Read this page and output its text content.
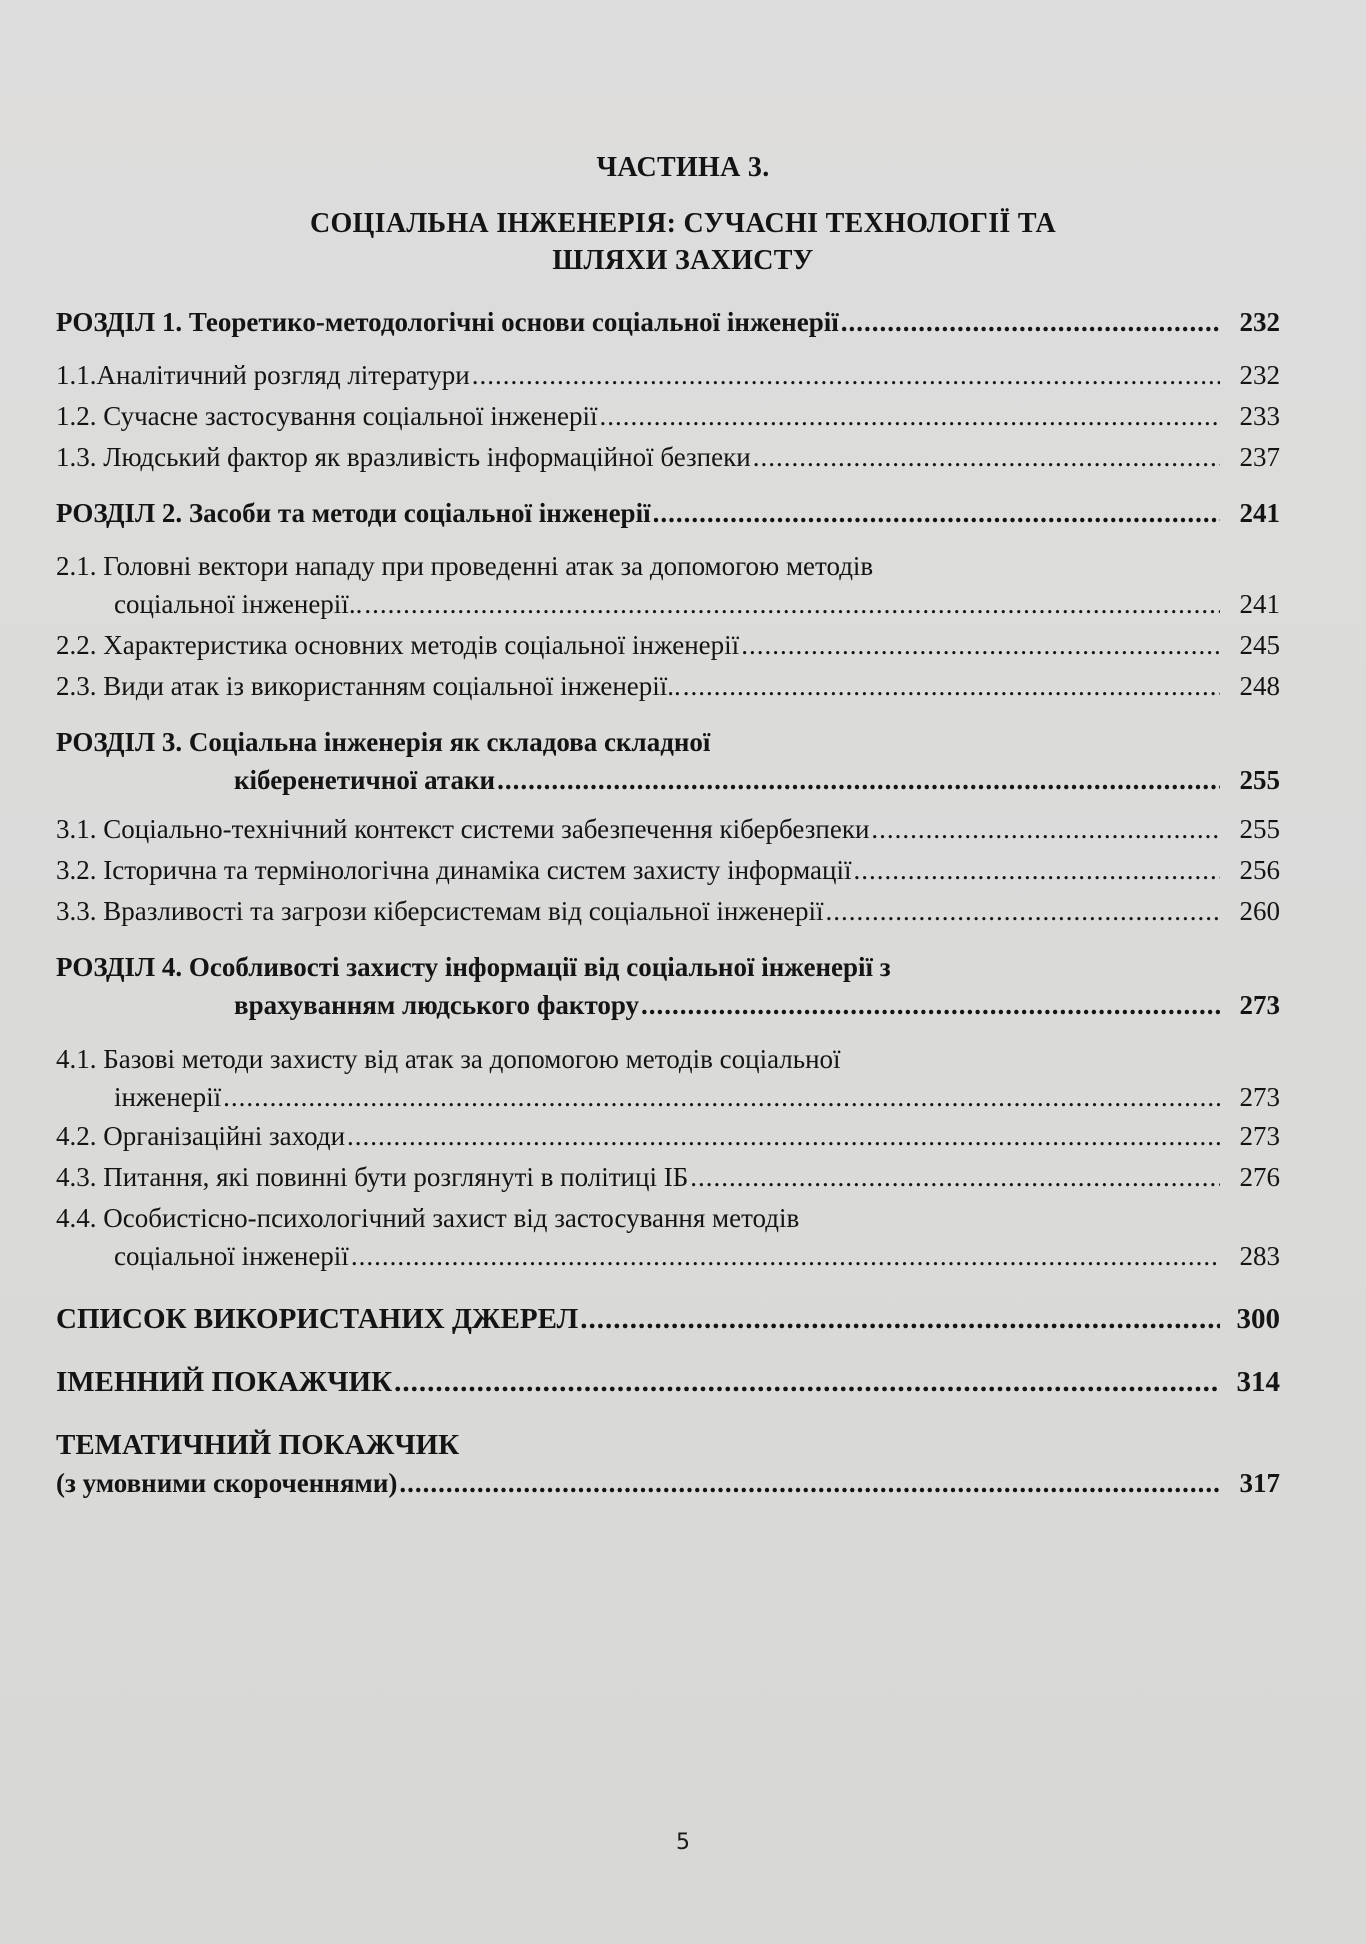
ЧАСТИНА 3.
СОЦІАЛЬНА ІНЖЕНЕРІЯ: СУЧАСНІ ТЕХНОЛОГІЇ ТА
ШЛЯХИ ЗАХИСТУ
РОЗДІЛ 1. Теоретико-методологічні основи соціальної інженерії .....	232
1.1.Аналітичний розгляд літератури .....	232
1.2. Сучасне застосування соціальної інженерії .....	233
1.3. Людський фактор як вразливість інформаційної безпеки .....	237
РОЗДІЛ 2. Засоби та методи соціальної інженерії .....	241
2.1. Головні вектори нападу при проведенні атак за допомогою методів
соціальної інженерії.. .....	241
2.2. Характеристика основних методів соціальної інженерії .....	245
2.3. Види атак із використанням соціальної інженерії.. .....	248
РОЗДІЛ 3. Соціальна інженерія як складова складної
кіберенетичної атаки .....	255
3.1. Соціально-технічний контекст системи забезпечення кібербезпеки .....	255
3.2. Історична та термінологічна динаміка систем захисту інформації .....	256
3.3. Вразливості та загрози кіберсистемам від соціальної інженерії .....	260
РОЗДІЛ 4. Особливості захисту інформації від соціальної інженерії з
врахуванням людського фактору .....	273
4.1. Базові методи захисту від атак за допомогою методів соціальної
інженерії .....	273
4.2. Організаційні заходи .....	273
4.3. Питання, які повинні бути розглянуті в політиці ІБ .....	276
4.4. Особистісно-психологічний захист від застосування методів
соціальної інженерії .....	283
СПИСОК ВИКОРИСТАНИХ ДЖЕРЕЛ .....	300
ІМЕННИЙ ПОКАЖЧИК .....	314
ТЕМАТИЧНИЙ ПОКАЖЧИК
(з умовними скороченнями) .....	317
5
